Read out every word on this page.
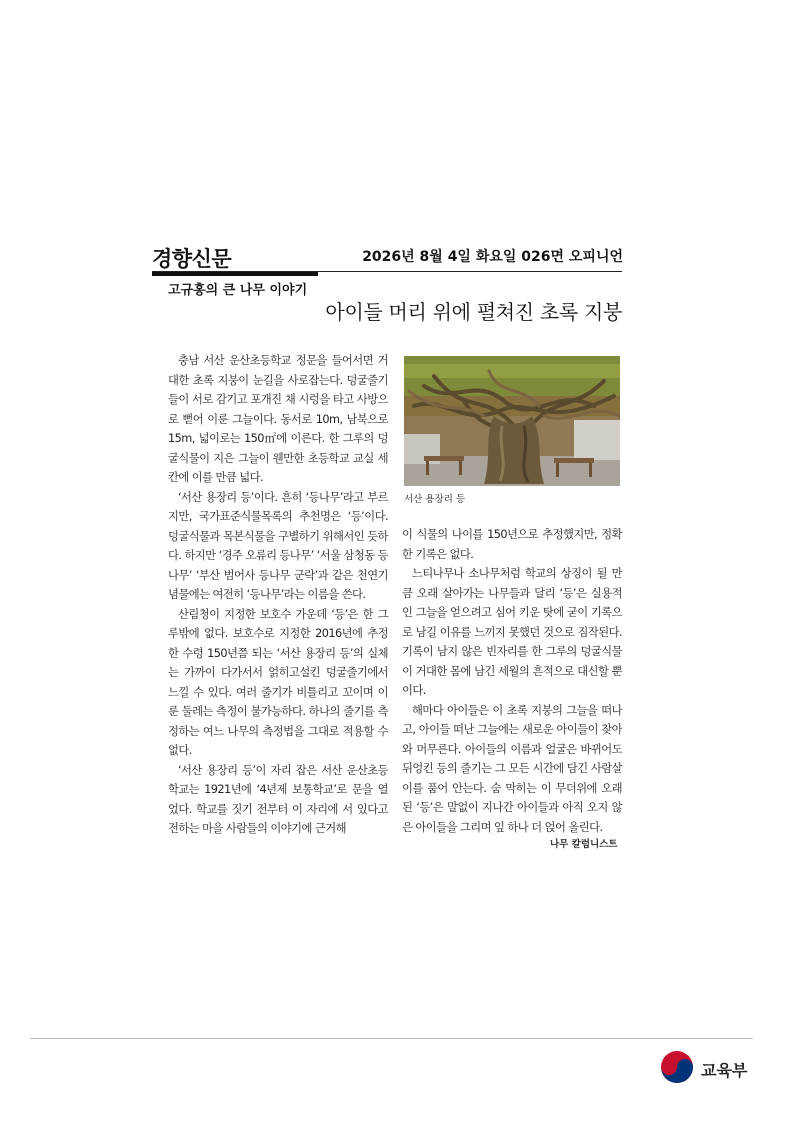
경향신문	2026년 8월 4일 화요일 026면 오피니언
고규홍의 큰 나무 이야기
아이들 머리 위에 펼쳐진 초록 지붕

충남 서산 운산초등학교 정문을 들어서면 거대한 초록 지붕이 눈길을 사로잡는다. 덩굴줄기들이 서로 감기고 포개진 채 시렁을 타고 사방으로 뻗어 이룬 그늘이다. 동서로 10m, 남북으로 15m, 넓이로는 150㎡에 이른다. 한 그루의 덩굴식물이 지은 그늘이 웬만한 초등학교 교실 세 칸에 이를 만큼 넓다.

‘서산 용장리 등’이다. 흔히 ‘등나무’라고 부르지만, 국가표준식물목록의 추천명은 ‘등’이다. 덩굴식물과 목본식물을 구별하기 위해서인 듯하다. 하지만 ‘경주 오류리 등나무’ ‘서울 삼청동 등나무’ ‘부산 범어사 등나무 군락’과 같은 천연기념물에는 여전히 ‘등나무’라는 이름을 쓴다.

산림청이 지정한 보호수 가운데 ‘등’은 한 그루밖에 없다. 보호수로 지정한 2016년에 추정한 수령 150년쯤 되는 ‘서산 용장리 등’의 실체는 가까이 다가서서 얽히고설킨 덩굴줄기에서 느낄 수 있다. 여러 줄기가 비틀리고 꼬이며 이룬 둘레는 측정이 불가능하다. 하나의 줄기를 측정하는 여느 나무의 측정법을 그대로 적용할 수 없다.

‘서산 용장리 등’이 자리 잡은 서산 운산초등학교는 1921년에 ‘4년제 보통학교’로 문을 열었다. 학교를 짓기 전부터 이 자리에 서 있다고 전하는 마을 사람들의 이야기에 근거해

서산 용장리 등

이 식물의 나이를 150년으로 추정했지만, 정확한 기록은 없다.

느티나무나 소나무처럼 학교의 상징이 될 만큼 오래 살아가는 나무들과 달리 ‘등’은 실용적인 그늘을 얻으려고 심어 키운 탓에 굳이 기록으로 남길 이유를 느끼지 못했던 것으로 짐작된다. 기록이 남지 않은 빈자리를 한 그루의 덩굴식물이 거대한 몸에 남긴 세월의 흔적으로 대신할 뿐이다.

해마다 아이들은 이 초록 지붕의 그늘을 떠나고, 아이들 떠난 그늘에는 새로운 아이들이 찾아와 머무른다. 아이들의 이름과 얼굴은 바뀌어도 뒤엉킨 등의 줄기는 그 모든 시간에 담긴 사람살이를 품어 안는다. 숨 막히는 이 무더위에 오래된 ‘등’은 말없이 지나간 아이들과 아직 오지 않은 아이들을 그리며 잎 하나 더 얹어 올린다.

나무 칼럼니스트
교육부
